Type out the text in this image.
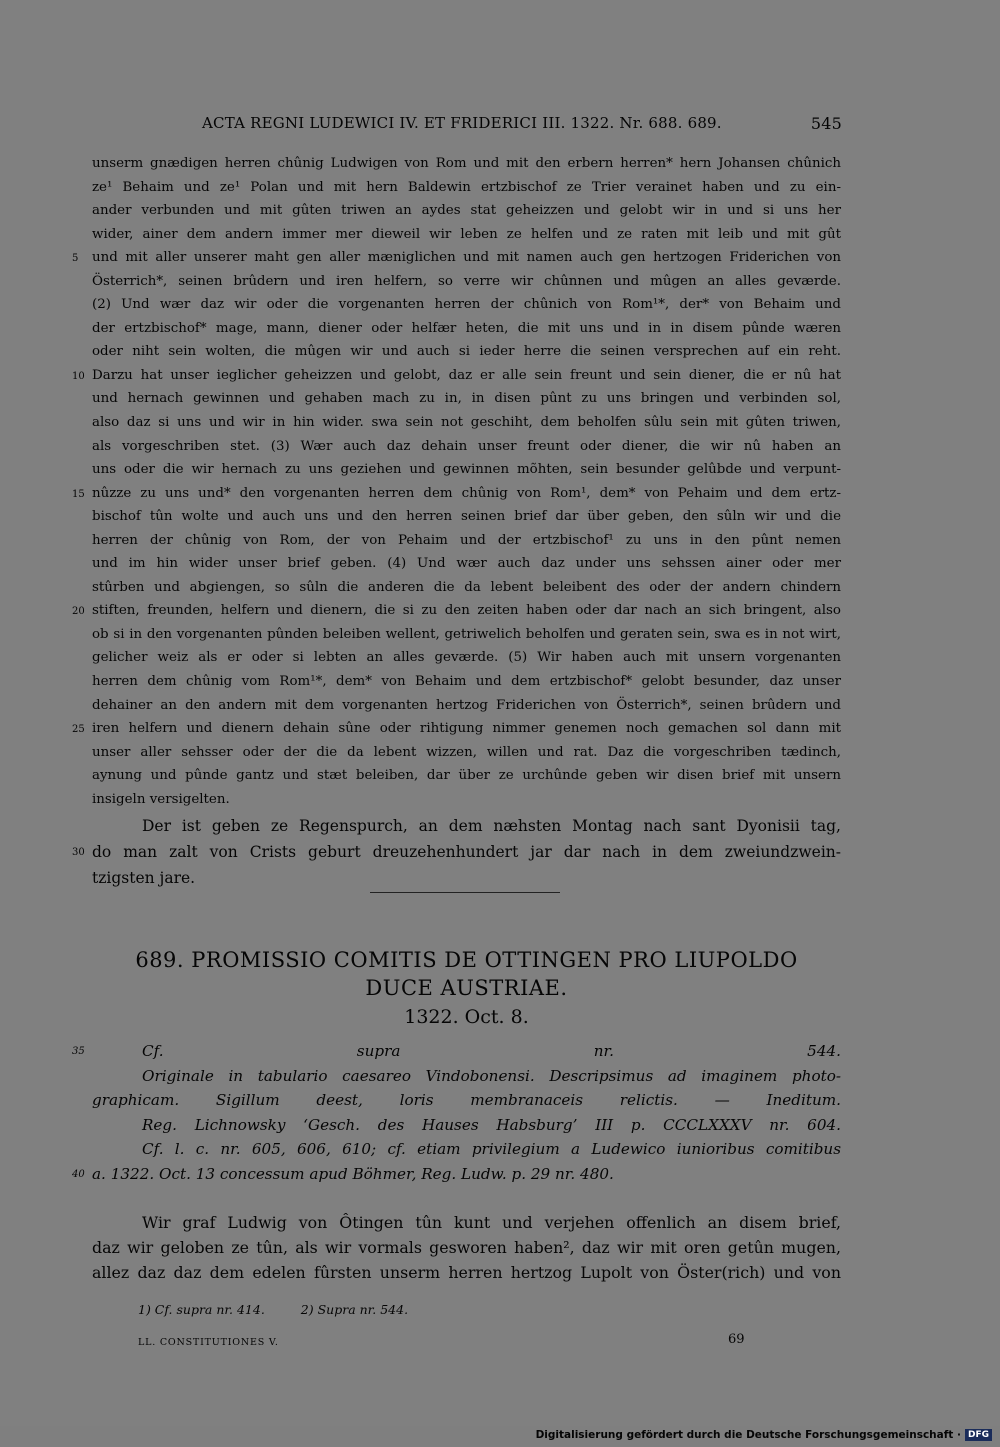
ACTA REGNI LUDEWICI IV. ET FRIDERICI III. 1322. Nr. 688. 689.	545
unserm gnædigen herren chûnig Ludwigen von Rom und mit den erbern herren* hern Johansen chûnich
ze¹ Behaim und ze¹ Polan und mit hern Baldewin ertzbischof ze Trier verainet haben und zu ein-
ander verbunden und mit gûten triwen an aydes stat geheizzen und gelobt wir in und si uns her
wider, ainer dem andern immer mer dieweil wir leben ze helfen und ze raten mit leib und mit gût
5 und mit aller unserer maht gen aller mæniglichen und mit namen auch gen hertzogen Friderichen von
Österrich*, seinen brûdern und iren helfern, so verre wir chûnnen und mûgen an alles geværde.
(2) Und wær daz wir oder die vorgenanten herren der chûnich von Rom¹*, der* von Behaim und
der ertzbischof* mage, mann, diener oder helfær heten, die mit uns und in in disem pûnde wæren
oder niht sein wolten, die mûgen wir und auch si ieder herre die seinen versprechen auf ein reht.
10 Darzu hat unser ieglicher geheizzen und gelobt, daz er alle sein freunt und sein diener, die er nû hat
und hernach gewinnen und gehaben mach zu in, in disen pûnt zu uns bringen und verbinden sol,
also daz si uns und wir in hin wider. swa sein not geschiht, dem beholfen sûlu sein mit gûten triwen,
als vorgeschriben stet. (3) Wær auch daz dehain unser freunt oder diener, die wir nû haben an
uns oder die wir hernach zu uns geziehen und gewinnen mõhten, sein besunder gelûbde und verpunt-
15 nûzze zu uns und* den vorgenanten herren dem chûnig von Rom¹, dem* von Pehaim und dem ertz-
bischof tûn wolte und auch uns und den herren seinen brief dar über geben, den sûln wir und die
herren der chûnig von Rom, der von Pehaim und der ertzbischof¹ zu uns in den pûnt nemen
und im hin wider unser brief geben. (4) Und wær auch daz under uns sehssen ainer oder mer
stûrben und abgiengen, so sûln die anderen die da lebent beleibent des oder der andern chindern
20 stiften, freunden, helfern und dienern, die si zu den zeiten haben oder dar nach an sich bringent, also
ob si in den vorgenanten pûnden beleiben wellent, getriwelich beholfen und geraten sein, swa es in not wirt,
gelicher weiz als er oder si lebten an alles geværde. (5) Wir haben auch mit unsern vorgenanten
herren dem chûnig vom Rom¹*, dem* von Behaim und dem ertzbischof* gelobt besunder, daz unser
dehainer an den andern mit dem vorgenanten hertzog Friderichen von Österrich*, seinen brûdern und
25 iren helfern und dienern dehain sûne oder rihtigung nimmer genemen noch gemachen sol dann mit
unser aller sehsser oder der die da lebent wizzen, willen und rat. Daz die vorgeschriben tædinch,
aynung und pûnde gantz und stæt beleiben, dar über ze urchûnde geben wir disen brief mit unsern
insigeln versigelten.
Der ist geben ze Regenspurch, an dem næhsten Montag nach sant Dyonisii tag,
30 do man zalt von Crists geburt dreuzehenhundert jar dar nach in dem zweiundzwein-
tzigsten jare.
689. PROMISSIO COMITIS DE OTTINGEN PRO LIUPOLDO
DUCE AUSTRIAE.
1322. Oct. 8.
35	Cf. supra nr. 544.
Originale in tabulario caesareo Vindobonensi. Descripsimus ad imaginem photo-
graphicam. Sigillum deest, loris membranaceis relictis. — Ineditum.
Reg. Lichnowsky ‘Gesch. des Hauses Habsburg’ III p. CCCLXXXV nr. 604.
Cf. l. c. nr. 605, 606, 610; cf. etiam privilegium a Ludewico iunioribus comitibus
40 a. 1322. Oct. 13 concessum apud Böhmer, Reg. Ludw. p. 29 nr. 480.
Wir graf Ludwig von Ôtingen tûn kunt und verjehen offenlich an disem brief,
daz wir geloben ze tûn, als wir vormals gesworen haben², daz wir mit oren getûn mugen,
allez daz daz dem edelen fûrsten unserm herren hertzog Lupolt von Öster(rich) und von
1) Cf. supra nr. 414.	2) Supra nr. 544.
LL. CONSTITUTIONES V.	69
Digitalisierung gefördert durch die Deutsche Forschungsgemeinschaft · DFG
